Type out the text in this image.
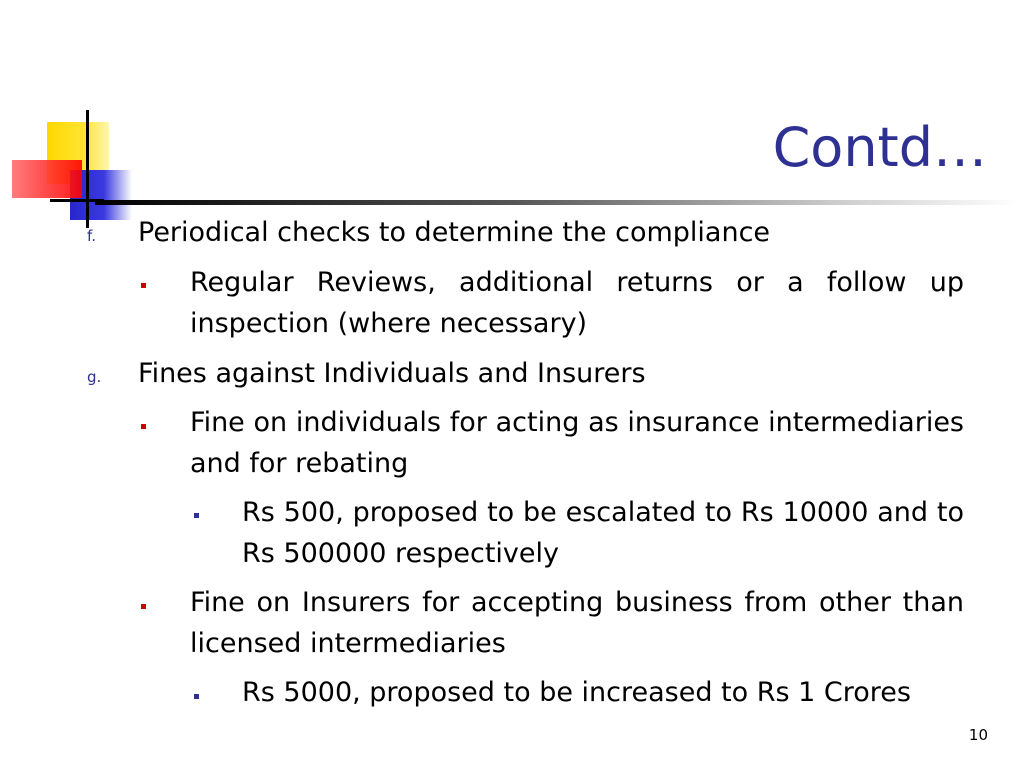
Contd…
f. Periodical checks to determine the compliance
Regular Reviews, additional returns or a follow up inspection (where necessary)
g. Fines against Individuals and Insurers
Fine on individuals for acting as insurance intermediaries and for rebating
Rs 500, proposed to be escalated to Rs 10000 and to Rs 500000 respectively
Fine on Insurers for accepting business from other than licensed intermediaries
Rs 5000, proposed to be increased to Rs 1 Crores
10
